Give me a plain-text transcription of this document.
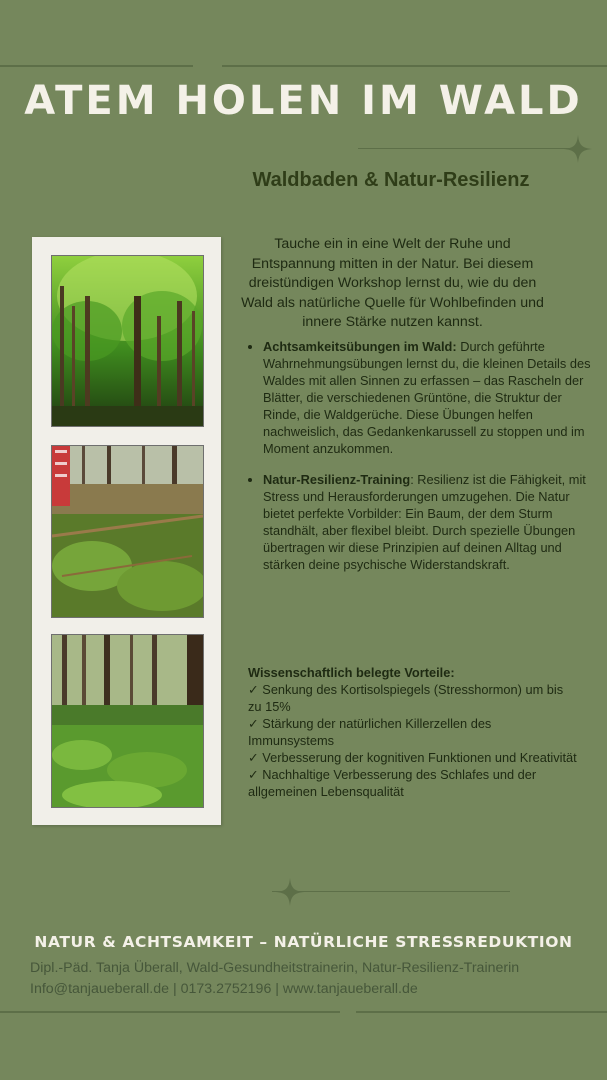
ATEM HOLEN IM WALD
Waldbaden & Natur-Resilienz

Tauche ein in eine Welt der Ruhe und Entspannung mitten in der Natur. Bei diesem dreistündigen Workshop lernst du, wie du den Wald als natürliche Quelle für Wohlbefinden und innere Stärke nutzen kannst.

• Achtsamkeitsübungen im Wald: Durch geführte Wahrnehmungsübungen lernst du, die kleinen Details des Waldes mit allen Sinnen zu erfassen – das Rascheln der Blätter, die verschiedenen Grüntöne, die Struktur der Rinde, die Waldgerüche. Diese Übungen helfen nachweislich, das Gedankenkarussell zu stoppen und im Moment anzukommen.
• Natur-Resilienz-Training: Resilienz ist die Fähigkeit, mit Stress und Herausforderungen umzugehen. Die Natur bietet perfekte Vorbilder: Ein Baum, der dem Sturm standhält, aber flexibel bleibt. Durch spezielle Übungen übertragen wir diese Prinzipien auf deinen Alltag und stärken deine psychische Widerstandskraft.

Wissenschaftlich belegte Vorteile:

✓ Senkung des Kortisolspiegels (Stresshormon) um bis zu 15%

✓ Stärkung der natürlichen Killerzellen des Immunsystems

✓ Verbesserung der kognitiven Funktionen und Kreativität

✓ Nachhaltige Verbesserung des Schlafes und der allgemeinen Lebensqualität

NATUR & ACHTSAMKEIT – NATÜRLICHE STRESSREDUKTION

Dipl.-Päd. Tanja Überall, Wald-Gesundheitstrainerin, Natur-Resilienz-Trainerin

Info@tanjaueberall.de | 0173.2752196 | www.tanjaueberall.de
